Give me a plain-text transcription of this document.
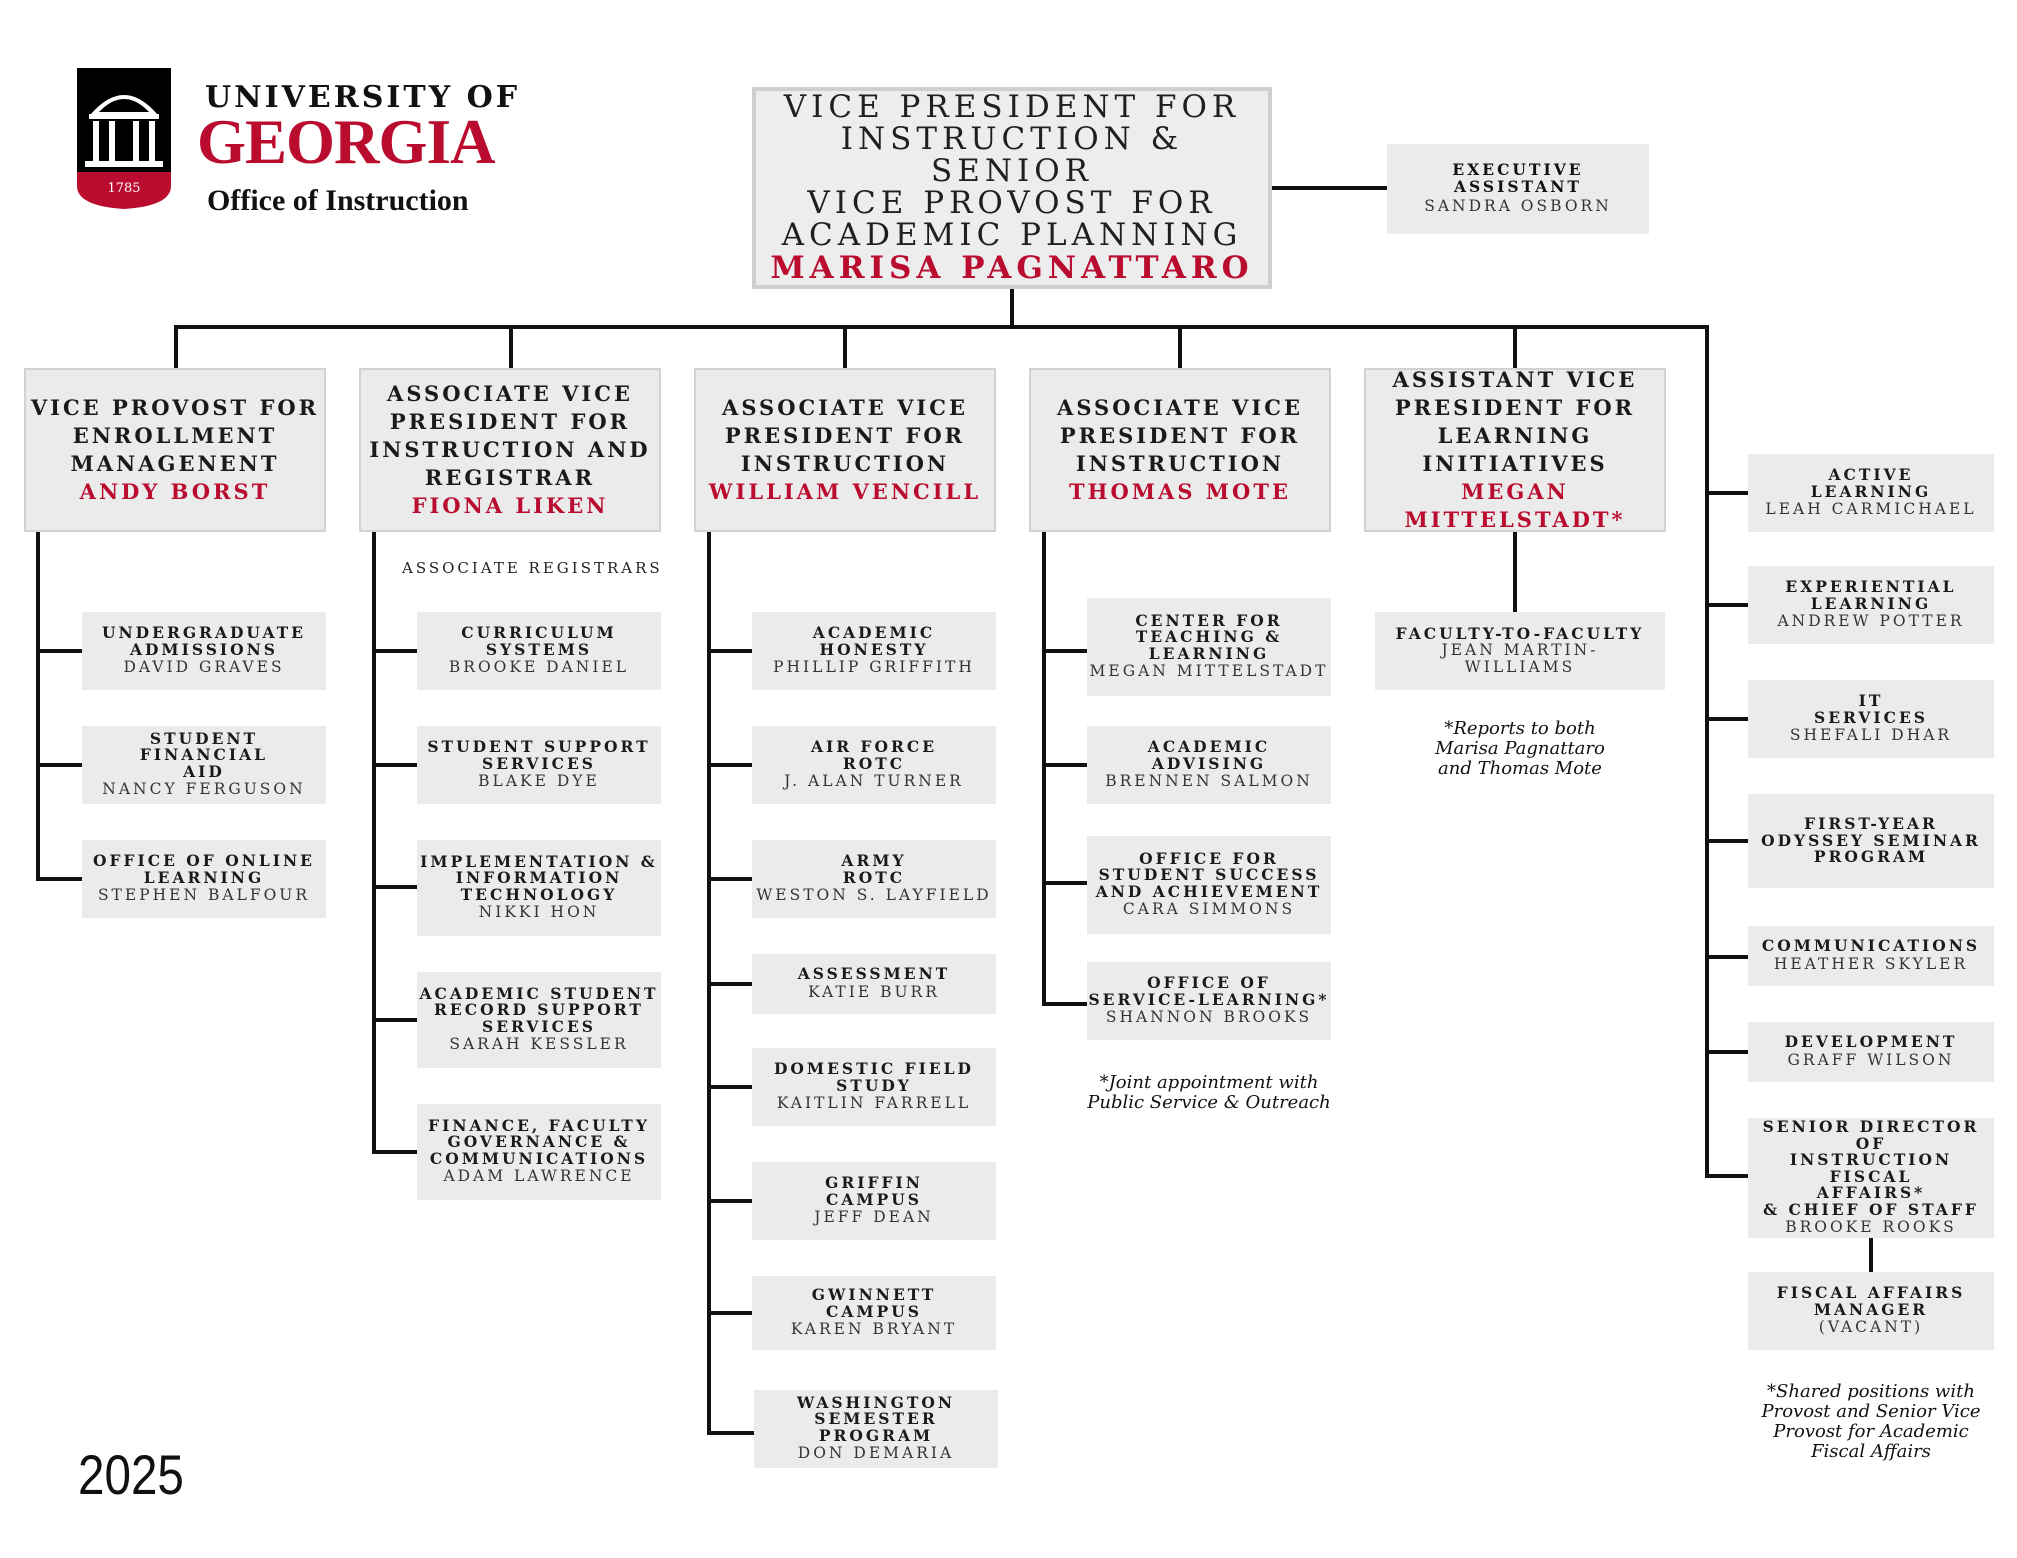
1785
UNIVERSITY OF
GEORGIA
Office of Instruction
2025
VICE PRESIDENT FOR
INSTRUCTION & SENIOR
VICE PROVOST FOR
ACADEMIC PLANNING
MARISA PAGNATTARO
EXECUTIVE
ASSISTANT
SANDRA OSBORN
VICE PROVOST FOR
ENROLLMENT
MANAGENENT
ANDY BORST
UNDERGRADUATE
ADMISSIONS
DAVID GRAVES
STUDENT FINANCIAL
AID
NANCY FERGUSON
OFFICE OF ONLINE
LEARNING
STEPHEN BALFOUR
ASSOCIATE VICE
PRESIDENT FOR
INSTRUCTION AND
REGISTRAR
FIONA LIKEN
ASSOCIATE REGISTRARS
CURRICULUM
SYSTEMS
BROOKE DANIEL
STUDENT SUPPORT
SERVICES
BLAKE DYE
IMPLEMENTATION &
INFORMATION
TECHNOLOGY
NIKKI HON
ACADEMIC STUDENT
RECORD SUPPORT
SERVICES
SARAH KESSLER
FINANCE, FACULTY
GOVERNANCE &
COMMUNICATIONS
ADAM LAWRENCE
ASSOCIATE VICE
PRESIDENT FOR
INSTRUCTION
WILLIAM VENCILL
ACADEMIC
HONESTY
PHILLIP GRIFFITH
AIR FORCE
ROTC
J. ALAN TURNER
ARMY
ROTC
WESTON S. LAYFIELD
ASSESSMENT
KATIE BURR
DOMESTIC FIELD
STUDY
KAITLIN FARRELL
GRIFFIN
CAMPUS
JEFF DEAN
GWINNETT
CAMPUS
KAREN BRYANT
WASHINGTON
SEMESTER PROGRAM
DON DEMARIA
ASSOCIATE VICE
PRESIDENT FOR
INSTRUCTION
THOMAS MOTE
CENTER FOR
TEACHING &
LEARNING
MEGAN MITTELSTADT
ACADEMIC
ADVISING
BRENNEN SALMON
OFFICE FOR
STUDENT SUCCESS
AND ACHIEVEMENT
CARA SIMMONS
OFFICE OF
SERVICE-LEARNING*
SHANNON BROOKS
*Joint appointment with
Public Service & Outreach
ASSISTANT VICE
PRESIDENT FOR
LEARNING
INITIATIVES
MEGAN MITTELSTADT*
FACULTY-TO-FACULTY
JEAN MARTIN-
WILLIAMS
*Reports to both
Marisa Pagnattaro
and Thomas Mote
ACTIVE
LEARNING
LEAH CARMICHAEL
EXPERIENTIAL
LEARNING
ANDREW POTTER
IT
SERVICES
SHEFALI DHAR
FIRST-YEAR
ODYSSEY SEMINAR
PROGRAM
COMMUNICATIONS
HEATHER SKYLER
DEVELOPMENT
GRAFF WILSON
SENIOR DIRECTOR OF
INSTRUCTION FISCAL
AFFAIRS*
& CHIEF OF STAFF
BROOKE ROOKS
FISCAL AFFAIRS
MANAGER
(VACANT)
*Shared positions with
Provost and Senior Vice
Provost for Academic
Fiscal Affairs
